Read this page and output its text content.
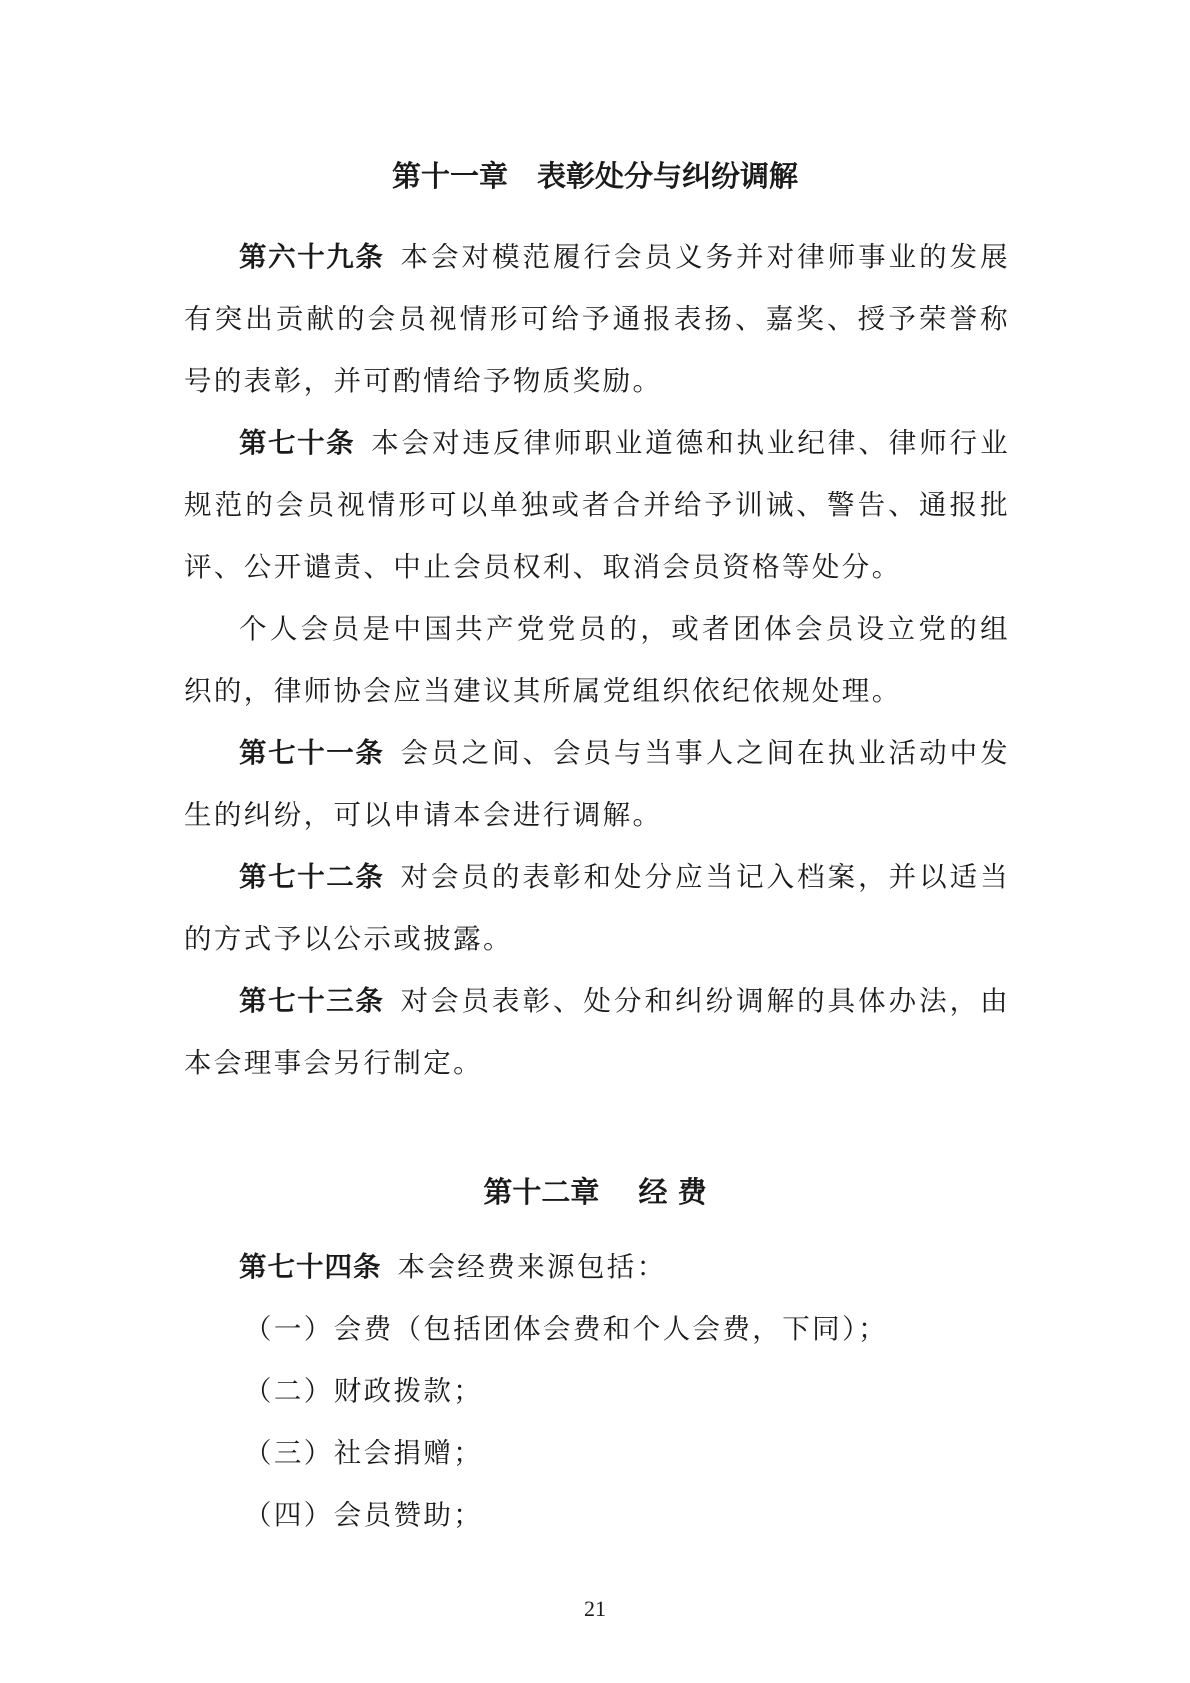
第十一章　表彰处分与纠纷调解

第六十九条 本会对模范履行会员义务并对律师事业的发展有突出贡献的会员视情形可给予通报表扬、嘉奖、授予荣誉称号的表彰，并可酌情给予物质奖励。

第七十条 本会对违反律师职业道德和执业纪律、律师行业规范的会员视情形可以单独或者合并给予训诫、警告、通报批评、公开谴责、中止会员权利、取消会员资格等处分。

个人会员是中国共产党党员的，或者团体会员设立党的组织的，律师协会应当建议其所属党组织依纪依规处理。

第七十一条 会员之间、会员与当事人之间在执业活动中发生的纠纷，可以申请本会进行调解。

第七十二条 对会员的表彰和处分应当记入档案，并以适当的方式予以公示或披露。

第七十三条 对会员表彰、处分和纠纷调解的具体办法，由本会理事会另行制定。

第十二章　 经 费

第七十四条 本会经费来源包括：

（一）会费（包括团体会费和个人会费，下同）；

（二）财政拨款；

（三）社会捐赠；

（四）会员赞助；

21
